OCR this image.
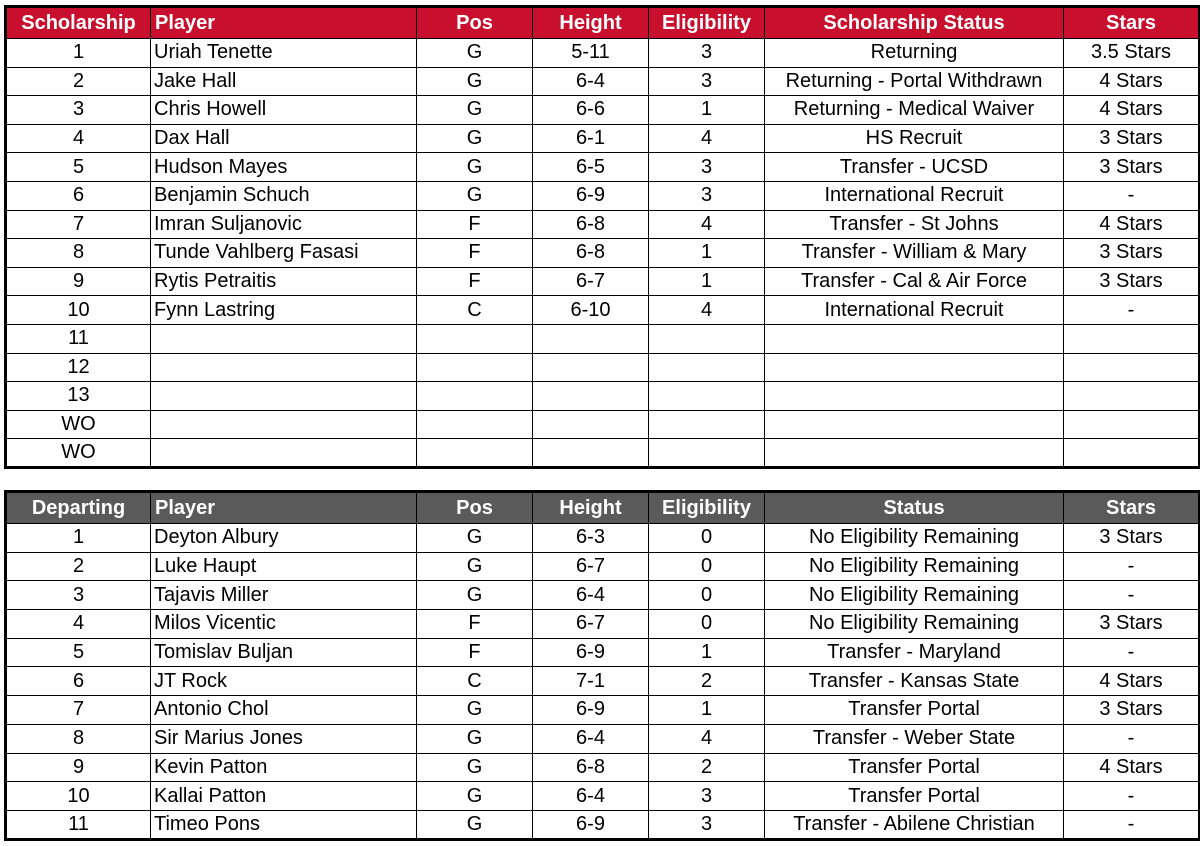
Scholarship	Player	Pos	Height	Eligibility	Scholarship Status	Stars
1	Uriah Tenette	G	5-11	3	Returning	3.5 Stars
2	Jake Hall	G	6-4	3	Returning - Portal Withdrawn	4 Stars
3	Chris Howell	G	6-6	1	Returning - Medical Waiver	4 Stars
4	Dax Hall	G	6-1	4	HS Recruit	3 Stars
5	Hudson Mayes	G	6-5	3	Transfer - UCSD	3 Stars
6	Benjamin Schuch	G	6-9	3	International Recruit	-
7	Imran Suljanovic	F	6-8	4	Transfer - St Johns	4 Stars
8	Tunde Vahlberg Fasasi	F	6-8	1	Transfer - William & Mary	3 Stars
9	Rytis Petraitis	F	6-7	1	Transfer - Cal & Air Force	3 Stars
10	Fynn Lastring	C	6-10	4	International Recruit	-
11						
12						
13						
WO						
WO						
Departing	Player	Pos	Height	Eligibility	Status	Stars
1	Deyton Albury	G	6-3	0	No Eligibility Remaining	3 Stars
2	Luke Haupt	G	6-7	0	No Eligibility Remaining	-
3	Tajavis Miller	G	6-4	0	No Eligibility Remaining	-
4	Milos Vicentic	F	6-7	0	No Eligibility Remaining	3 Stars
5	Tomislav Buljan	F	6-9	1	Transfer - Maryland	-
6	JT Rock	C	7-1	2	Transfer - Kansas State	4 Stars
7	Antonio Chol	G	6-9	1	Transfer Portal	3 Stars
8	Sir Marius Jones	G	6-4	4	Transfer - Weber State	-
9	Kevin Patton	G	6-8	2	Transfer Portal	4 Stars
10	Kallai Patton	G	6-4	3	Transfer Portal	-
11	Timeo Pons	G	6-9	3	Transfer - Abilene Christian	-
